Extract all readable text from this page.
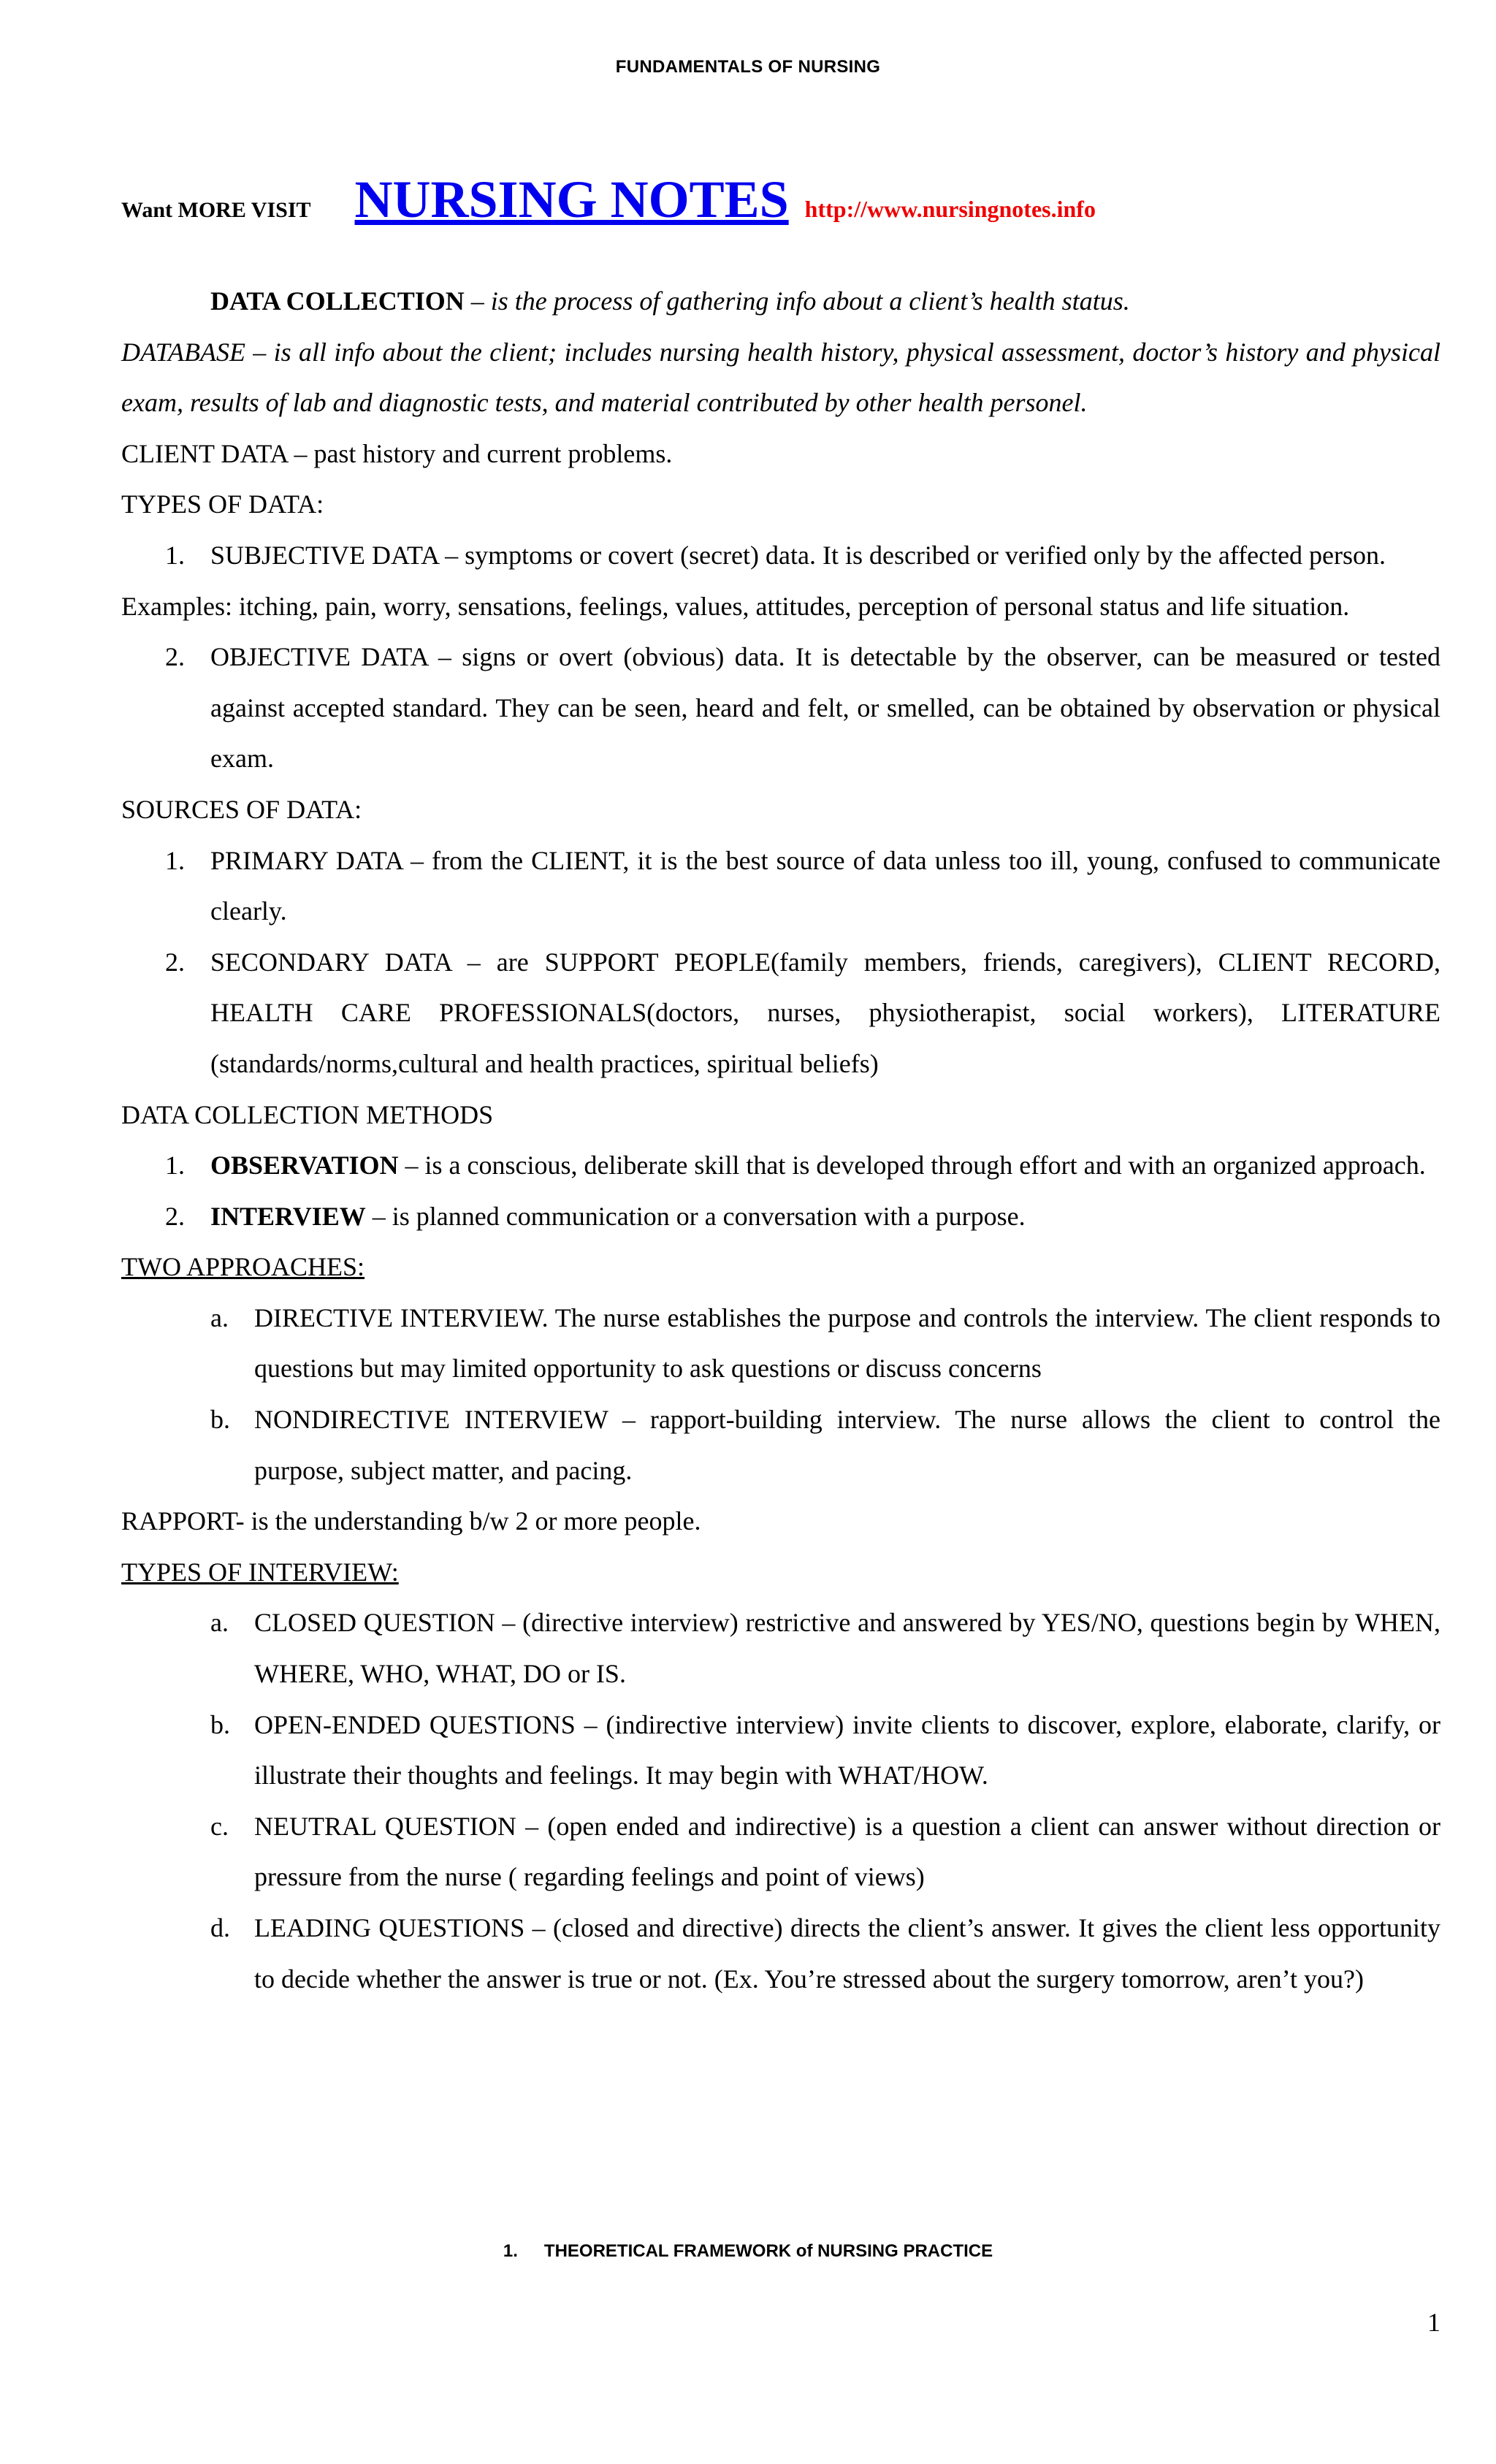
FUNDAMENTALS OF NURSING
Want MORE VISIT NURSING NOTES http://www.nursingnotes.info

DATA COLLECTION – is the process of gathering info about a client’s health status.

DATABASE – is all info about the client; includes nursing health history, physical assessment, doctor’s history and physical exam, results of lab and diagnostic tests, and material contributed by other health personel.

CLIENT DATA – past history and current problems.

TYPES OF DATA:

1. SUBJECTIVE DATA – symptoms or covert (secret) data. It is described or verified only by the affected person.

Examples: itching, pain, worry, sensations, feelings, values, attitudes, perception of personal status and life situation.

2. OBJECTIVE DATA – signs or overt (obvious) data. It is detectable by the observer, can be measured or tested against accepted standard. They can be seen, heard and felt, or smelled, can be obtained by observation or physical exam.

SOURCES OF DATA:

1. PRIMARY DATA – from the CLIENT, it is the best source of data unless too ill, young, confused to communicate clearly.
2. SECONDARY DATA – are SUPPORT PEOPLE(family members, friends, caregivers), CLIENT RECORD, HEALTH CARE PROFESSIONALS(doctors, nurses, physiotherapist, social workers), LITERATURE (standards/norms,cultural and health practices, spiritual beliefs)

DATA COLLECTION METHODS

1. OBSERVATION – is a conscious, deliberate skill that is developed through effort and with an organized approach.
2. INTERVIEW – is planned communication or a conversation with a purpose.

TWO APPROACHES:

a. DIRECTIVE INTERVIEW. The nurse establishes the purpose and controls the interview. The client responds to questions but may limited opportunity to ask questions or discuss concerns
b. NONDIRECTIVE INTERVIEW – rapport-building interview. The nurse allows the client to control the purpose, subject matter, and pacing.

RAPPORT- is the understanding b/w 2 or more people.

TYPES OF INTERVIEW:

a. CLOSED QUESTION – (directive interview) restrictive and answered by YES/NO, questions begin by WHEN, WHERE, WHO, WHAT, DO or IS.
b. OPEN-ENDED QUESTIONS – (indirective interview) invite clients to discover, explore, elaborate, clarify, or illustrate their thoughts and feelings. It may begin with WHAT/HOW.
c. NEUTRAL QUESTION – (open ended and indirective) is a question a client can answer without direction or pressure from the nurse ( regarding feelings and point of views)
d. LEADING QUESTIONS – (closed and directive) directs the client’s answer. It gives the client less opportunity to decide whether the answer is true or not. (Ex. You’re stressed about the surgery tomorrow, aren’t you?)
1. THEORETICAL FRAMEWORK of NURSING PRACTICE
1
